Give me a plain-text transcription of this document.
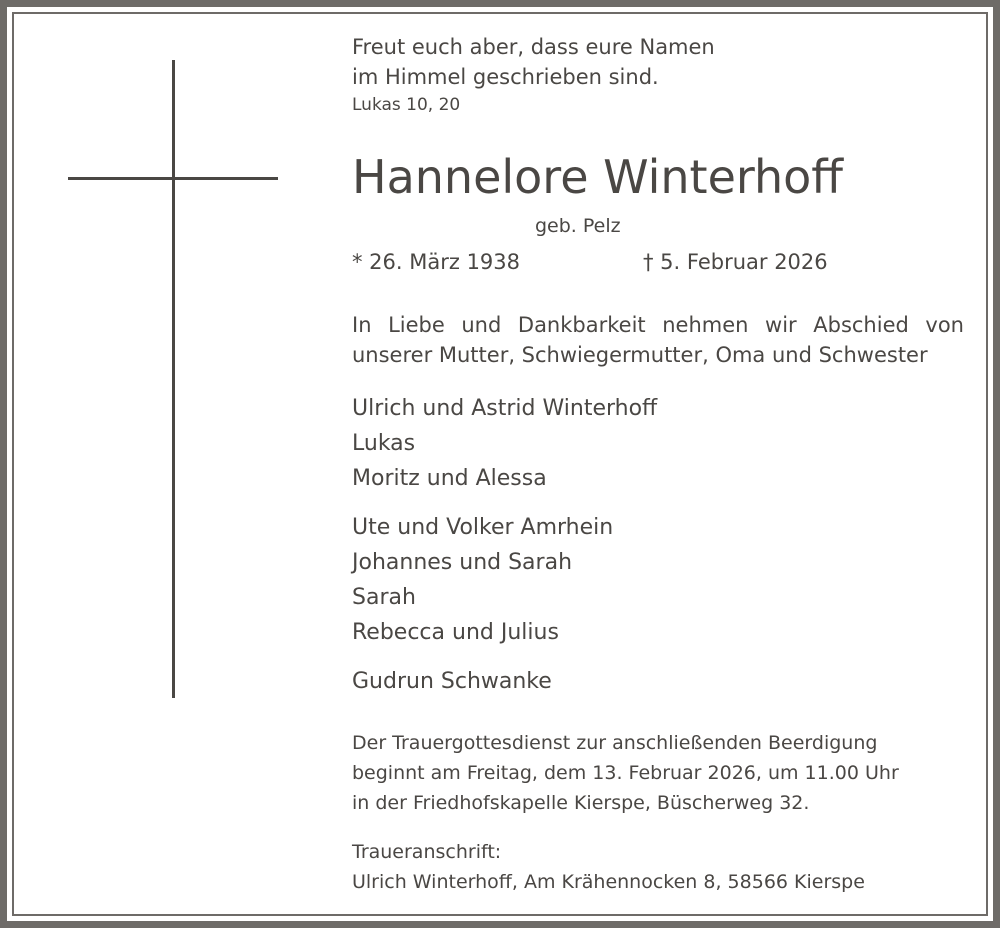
Freut euch aber, dass eure Namen
im Himmel geschrieben sind.
Lukas 10, 20
Hannelore Winterhoff
geb. Pelz
* 26. März 1938	† 5. Februar 2026
In Liebe und Dankbarkeit nehmen wir Abschied von
unserer Mutter, Schwiegermutter, Oma und Schwester
Ulrich und Astrid Winterhoff
Lukas
Moritz und Alessa
Ute und Volker Amrhein
Johannes und Sarah
Sarah
Rebecca und Julius
Gudrun Schwanke
Der Trauergottesdienst zur anschließenden Beerdigung
beginnt am Freitag, dem 13. Februar 2026, um 11.00 Uhr
in der Friedhofskapelle Kierspe, Büscherweg 32.
Traueranschrift:
Ulrich Winterhoff, Am Krähennocken 8, 58566 Kierspe
